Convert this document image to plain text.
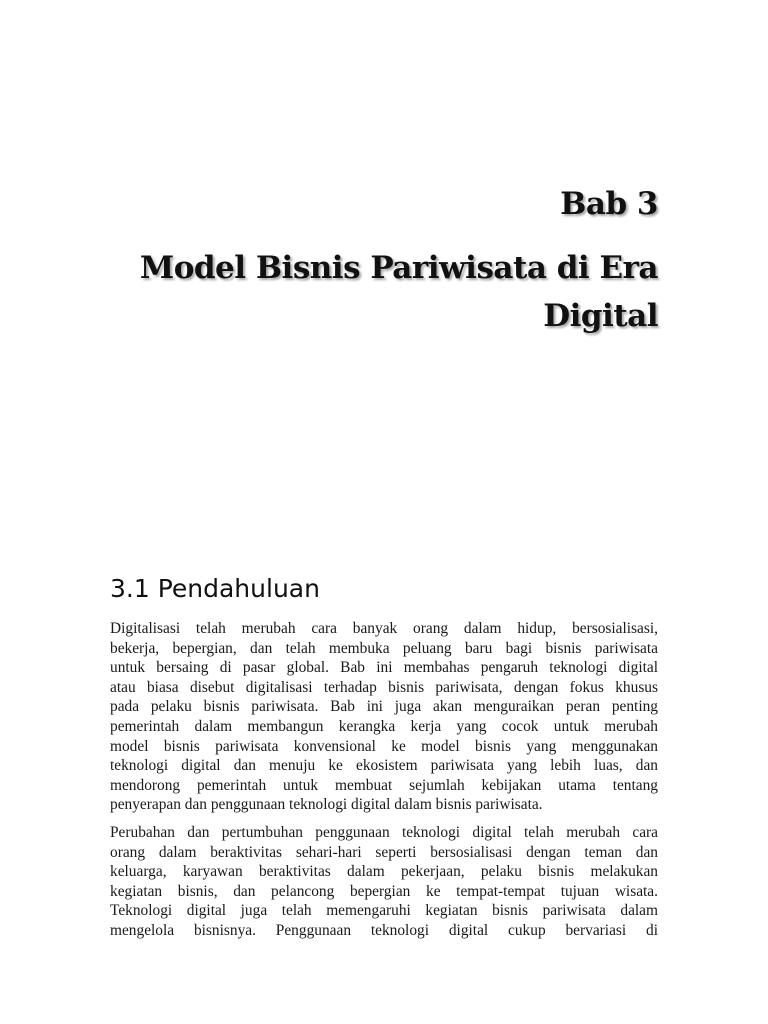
Bab 3
Model Bisnis Pariwisata di Era
Digital
3.1 Pendahuluan

Digitalisasi telah merubah cara banyak orang dalam hidup, bersosialisasi,
bekerja, bepergian, dan telah membuka peluang baru bagi bisnis pariwisata
untuk bersaing di pasar global. Bab ini membahas pengaruh teknologi digital
atau biasa disebut digitalisasi terhadap bisnis pariwisata, dengan fokus khusus
pada pelaku bisnis pariwisata. Bab ini juga akan menguraikan peran penting
pemerintah dalam membangun kerangka kerja yang cocok untuk merubah
model bisnis pariwisata konvensional ke model bisnis yang menggunakan
teknologi digital dan menuju ke ekosistem pariwisata yang lebih luas, dan
mendorong pemerintah untuk membuat sejumlah kebijakan utama tentang
penyerapan dan penggunaan teknologi digital dalam bisnis pariwisata.

Perubahan dan pertumbuhan penggunaan teknologi digital telah merubah cara
orang dalam beraktivitas sehari-hari seperti bersosialisasi dengan teman dan
keluarga, karyawan beraktivitas dalam pekerjaan, pelaku bisnis melakukan
kegiatan bisnis, dan pelancong bepergian ke tempat-tempat tujuan wisata.
Teknologi digital juga telah memengaruhi kegiatan bisnis pariwisata dalam
mengelola bisnisnya. Penggunaan teknologi digital cukup bervariasi di
